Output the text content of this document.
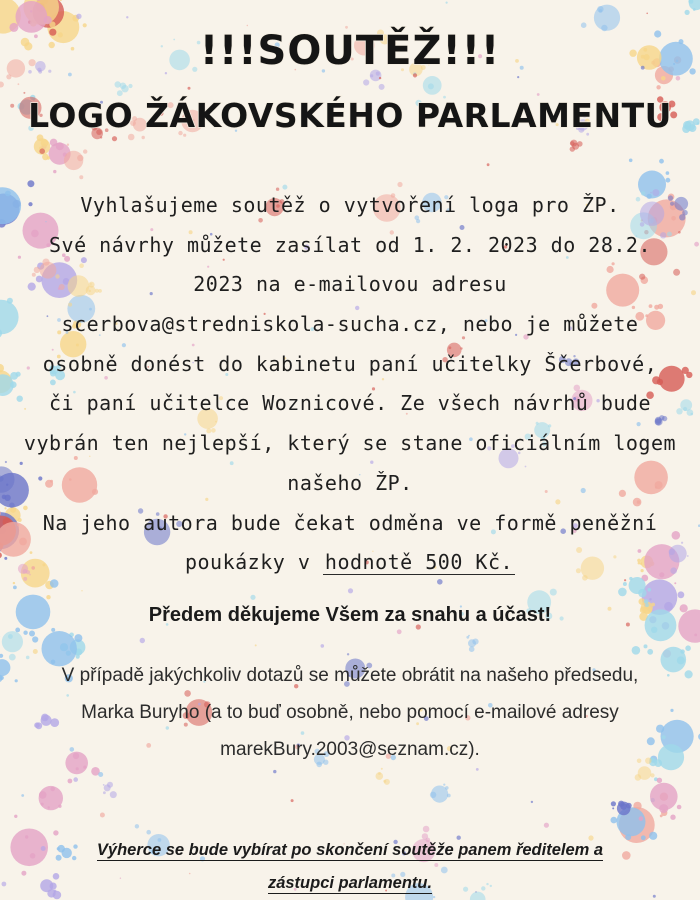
!!!SOUTĚŽ!!!
LOGO ŽÁKOVSKÉHO PARLAMENTU
Vyhlašujeme soutěž o vytvoření loga pro ŽP.
Své návrhy můžete zasílat od 1. 2. 2023 do 28.2.
2023 na e-mailovou adresu
scerbova@stredniskola-sucha.cz, nebo je můžete
osobně donést do kabinetu paní učitelky Ščerbové,
či paní učitelce Woznicové. Ze všech návrhů bude
vybrán ten nejlepší, který se stane oficiálním logem
našeho ŽP.
Na jeho autora bude čekat odměna ve formě peněžní
poukázky v hodnotě 500 Kč.

Předem děkujeme Všem za snahu a účast!

V případě jakýchkoliv dotazů se můžete obrátit na našeho předsedu,
Marka Buryho (a to buď osobně, nebo pomocí e-mailové adresy
marekBury.2003@seznam.cz).
Výherce se bude vybírat po skončení soutěže panem ředitelem a
zástupci parlamentu.
